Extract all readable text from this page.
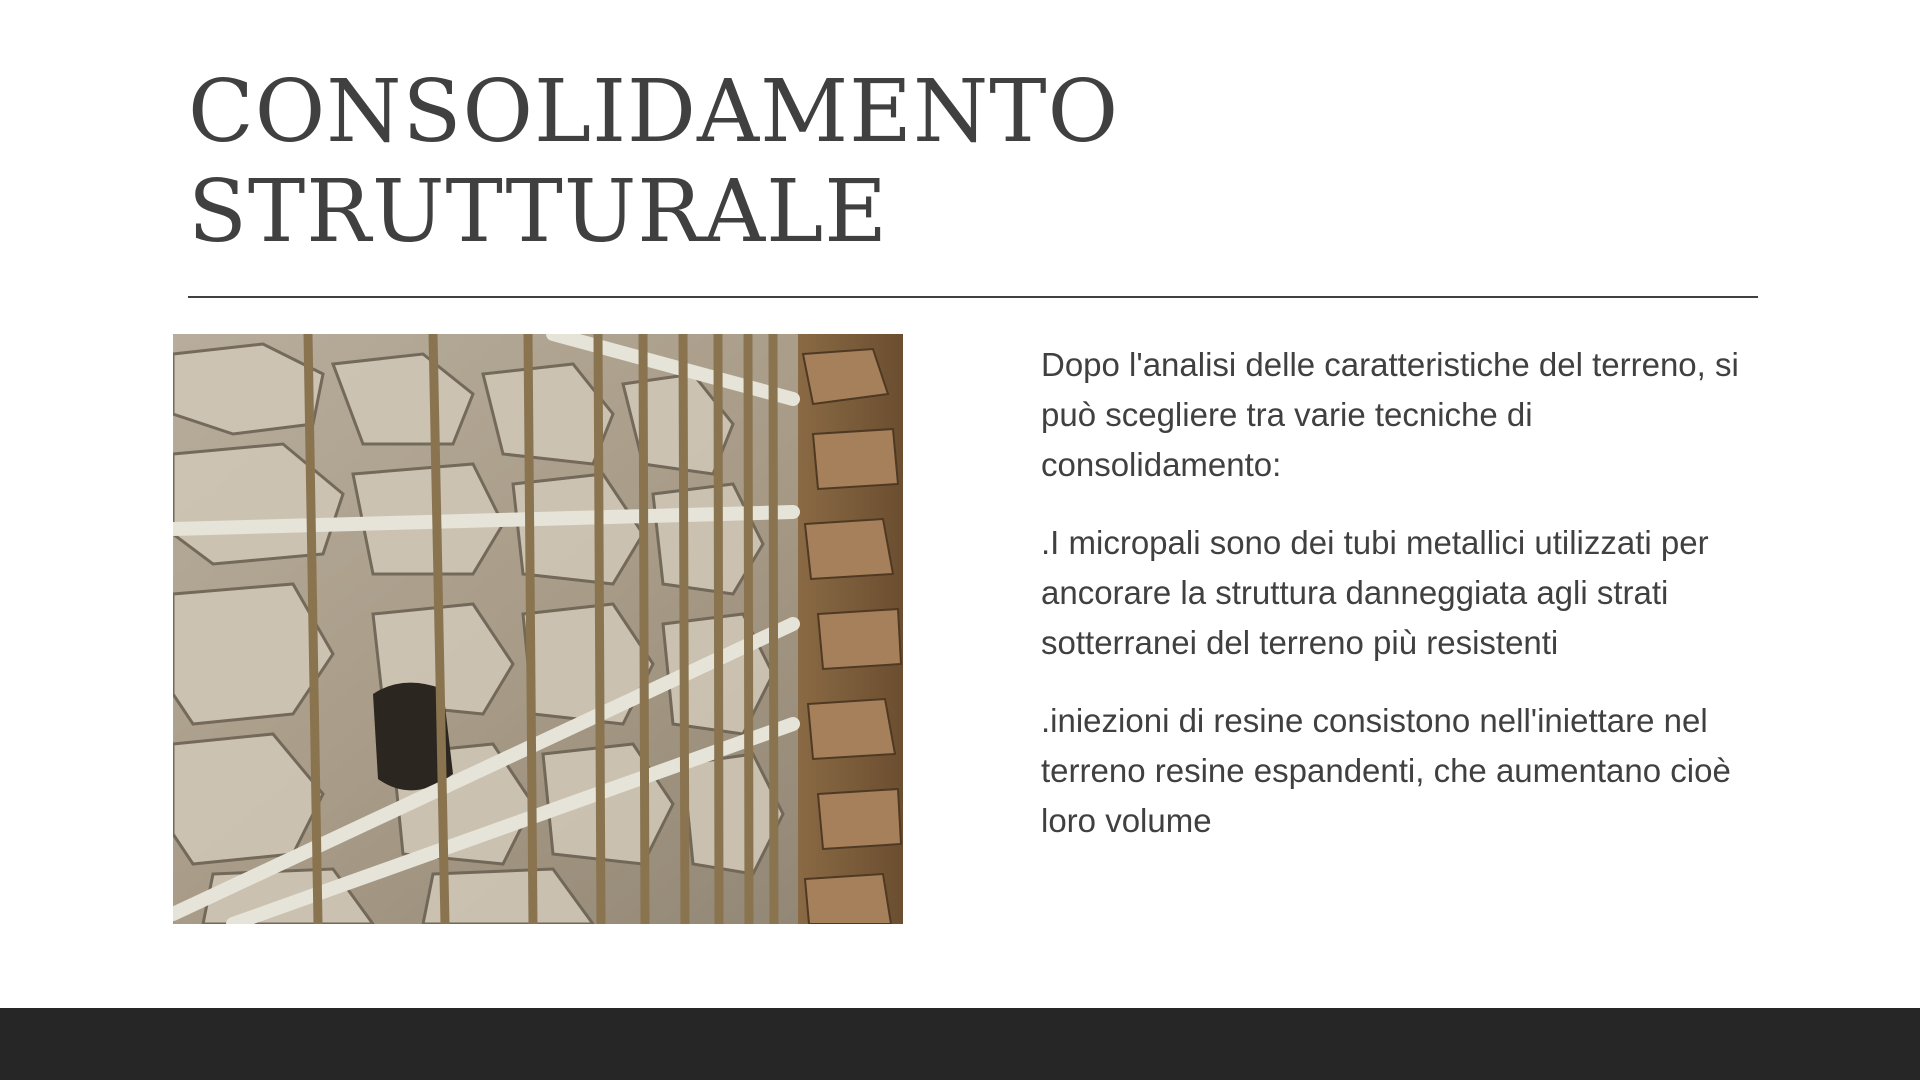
CONSOLIDAMENTO
STRUTTURALE

Dopo l'analisi delle caratteristiche del terreno, si può scegliere tra varie tecniche di consolidamento:

.I micropali sono dei tubi metallici utilizzati per ancorare la struttura danneggiata agli strati sotterranei del terreno più resistenti

.iniezioni di resine consistono nell'iniettare nel terreno resine espandenti, che aumentano cioè loro volume
